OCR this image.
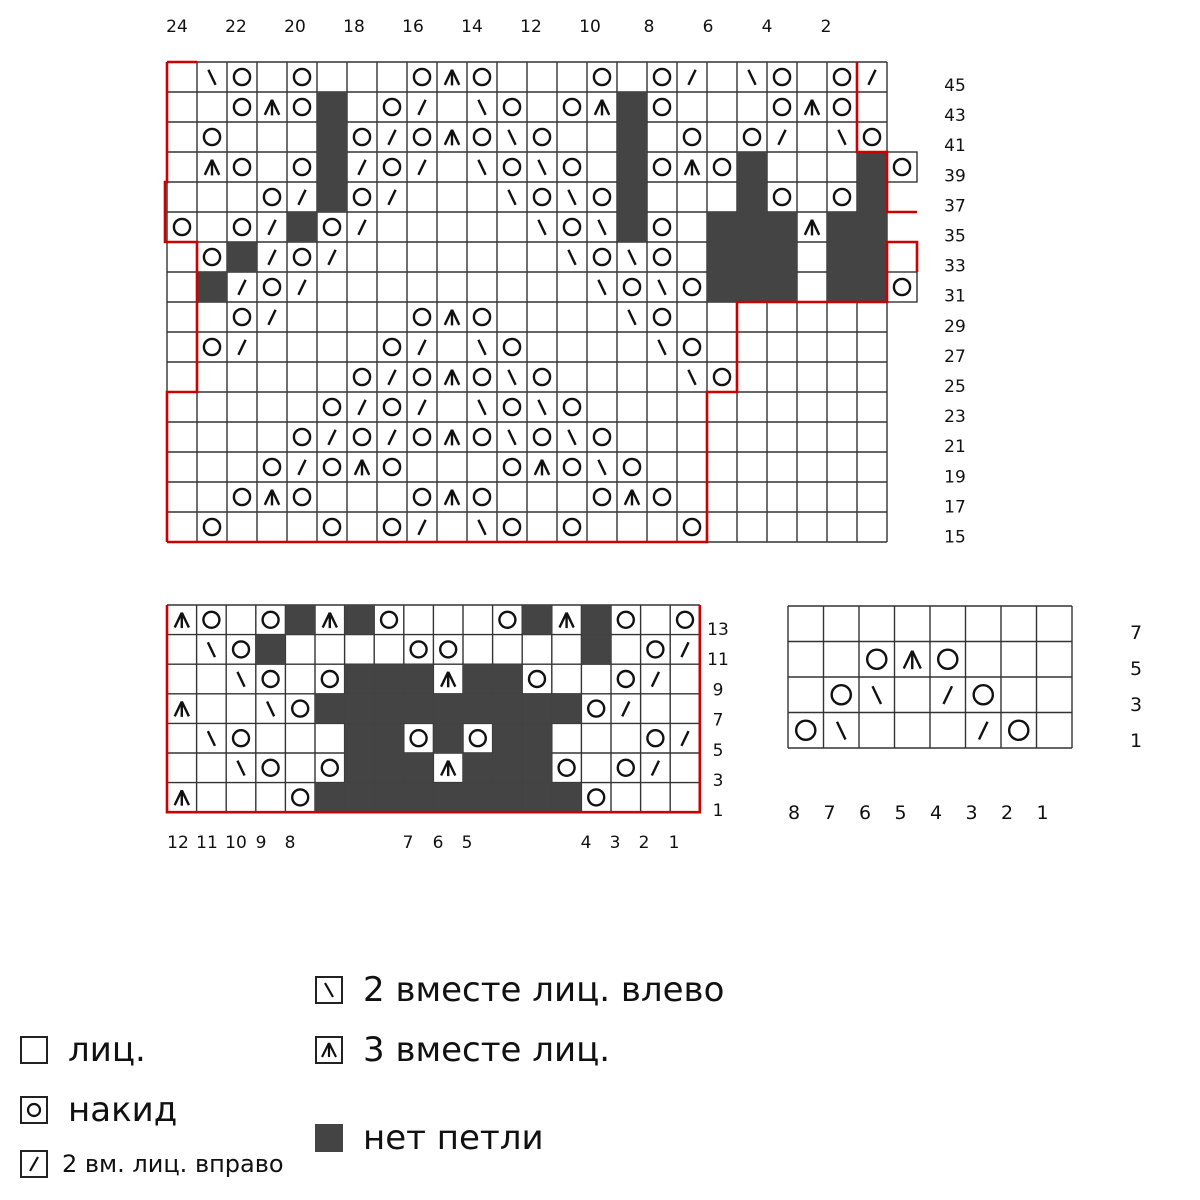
24 22 20 18 16 14 12 10	8	6	4	2
45
43
41
39
37
35
33
31
29
27
25
23
21
19
17
15
13
11
9
7
5
3
1
12 11 10 9 8	7 6 5	4 3 2 1
7
5
3
1
8 7 6 5 4 3 2 1
лиц.
накид
2 вм. лиц. вправо
2 вместе лиц. влево
3 вместе лиц.
нет петли
